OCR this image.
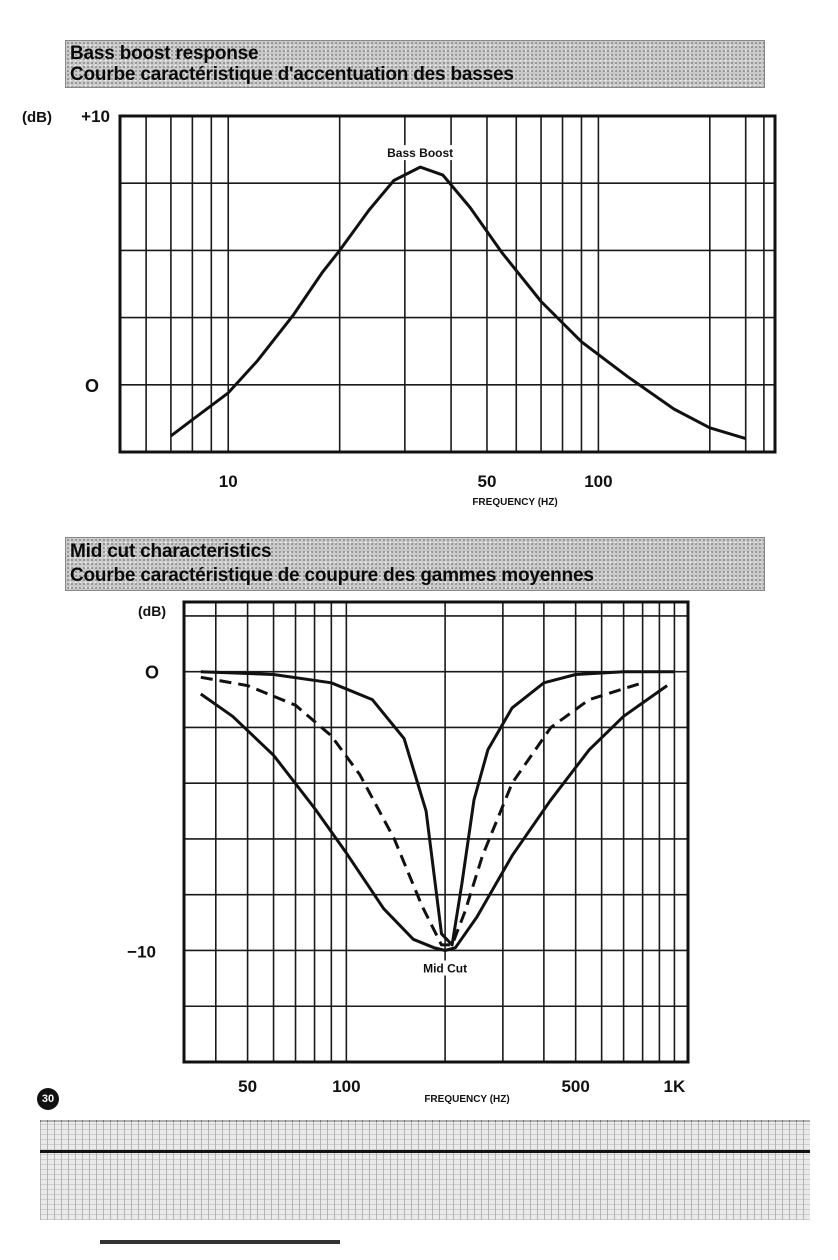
Bass boost response
Courbe caractéristique d'accentuation des basses
Mid cut characteristics
Courbe caractéristique de coupure des gammes moyennes
10	50	100
FREQUENCY (HZ)
(dB) +10
O
Bass Boost
50	100	500	1K
FREQUENCY (HZ)
(dB)
O
−10
Mid Cut
30
